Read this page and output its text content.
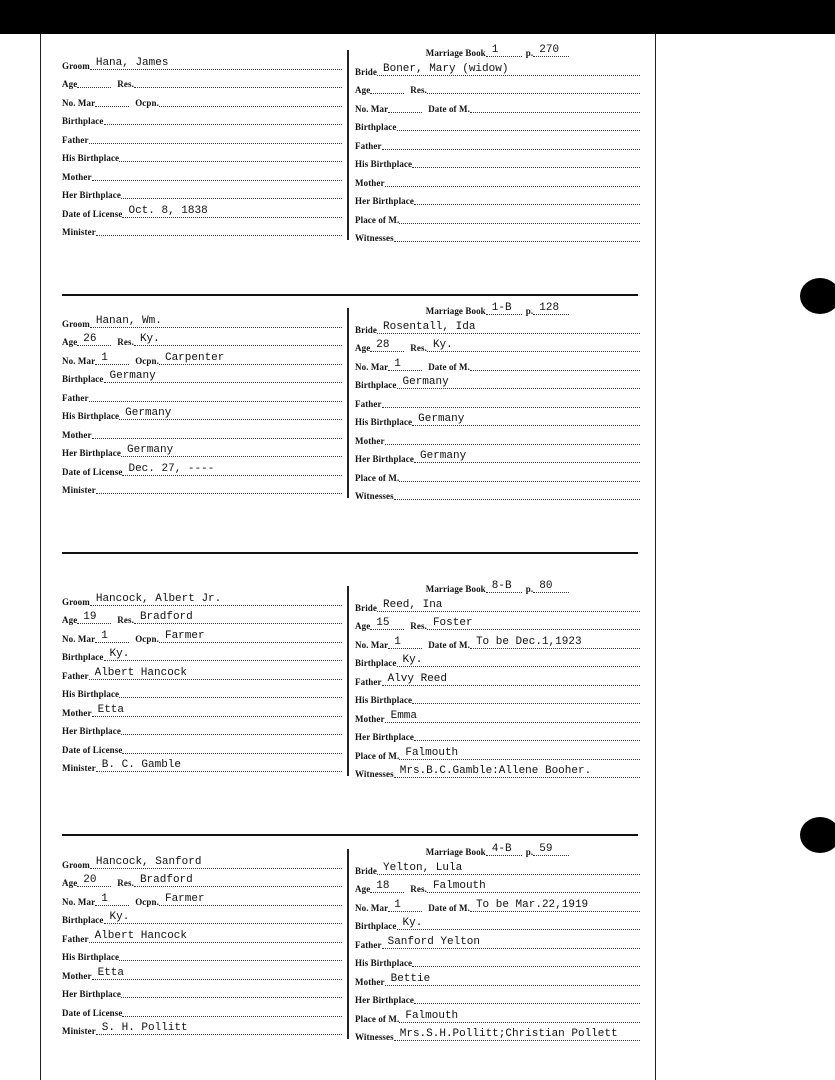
Groom Hana, James
Age	Res.
No. Mar	Ocpn.
Birthplace
Father
His Birthplace
Mother
Her Birthplace
Date of License Oct. 8, 1838
Minister
Marriage Book 1	p. 270
Bride Boner, Mary (widow)
Age	Res.
No. Mar	Date of M.
Birthplace
Father
His Birthplace
Mother
Her Birthplace
Place of M.
Witnesses
Groom Hanan, Wm.
Age 26	Res. Ky.
No. Mar 1	Ocpn. Carpenter
Birthplace Germany
Father
His Birthplace Germany
Mother
Her Birthplace Germany
Date of License Dec. 27, ----
Minister
Marriage Book 1-B	p. 128
Bride Rosentall, Ida
Age 28	Res. Ky.
No. Mar 1	Date of M.
Birthplace Germany
Father
His Birthplace Germany
Mother
Her Birthplace Germany
Place of M.
Witnesses
Groom Hancock, Albert Jr.
Age 19	Res. Bradford
No. Mar 1	Ocpn. Farmer
Birthplace Ky.
Father Albert Hancock
His Birthplace
Mother Etta
Her Birthplace
Date of License
Minister B. C. Gamble
Marriage Book 8-B	p. 80
Bride Reed, Ina
Age 15	Res. Foster
No. Mar 1	Date of M. To be Dec.1,1923
Birthplace Ky.
Father Alvy Reed
His Birthplace
Mother Emma
Her Birthplace
Place of M. Falmouth
Witnesses Mrs.B.C.Gamble:Allene Booher.
Groom Hancock, Sanford
Age 20	Res. Bradford
No. Mar 1	Ocpn. Farmer
Birthplace Ky.
Father Albert Hancock
His Birthplace
Mother Etta
Her Birthplace
Date of License
Minister S. H. Pollitt
Marriage Book 4-B	p. 59
Bride Yelton, Lula
Age 18	Res. Falmouth
No. Mar 1	Date of M. To be Mar.22,1919
Birthplace Ky.
Father Sanford Yelton
His Birthplace
Mother Bettie
Her Birthplace
Place of M. Falmouth
Witnesses Mrs.S.H.Pollitt;Christian Pollett
